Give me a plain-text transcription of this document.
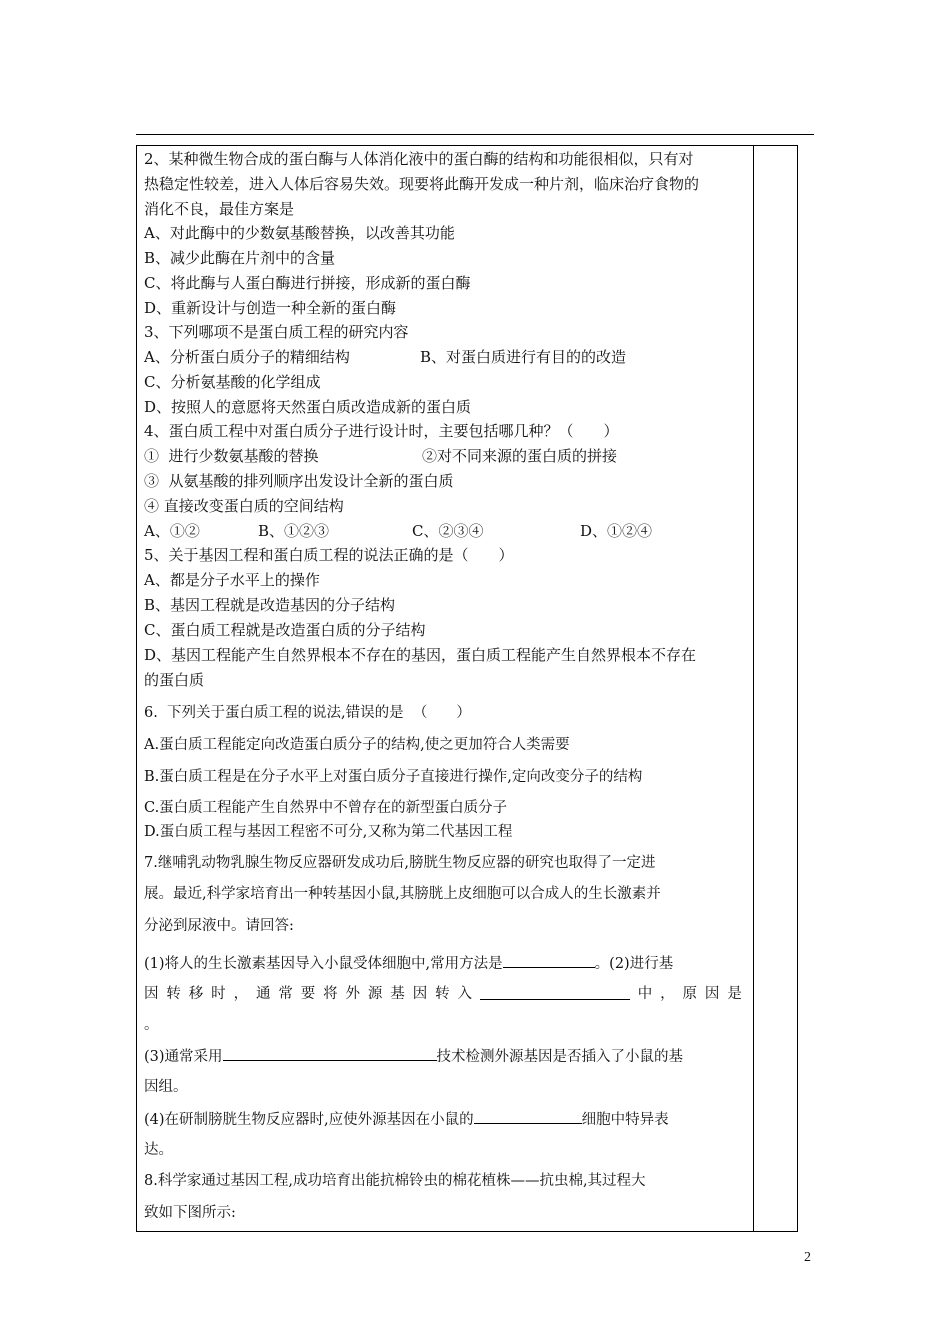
2、某种微生物合成的蛋白酶与人体消化液中的蛋白酶的结构和功能很相似，只有对
热稳定性较差，进入人体后容易失效。现要将此酶开发成一种片剂，临床治疗食物的
消化不良，最佳方案是
A、对此酶中的少数氨基酸替换，以改善其功能
B、减少此酶在片剂中的含量
C、将此酶与人蛋白酶进行拼接，形成新的蛋白酶
D、重新设计与创造一种全新的蛋白酶
3、下列哪项不是蛋白质工程的研究内容
A、分析蛋白质分子的精细结构	B、对蛋白质进行有目的的改造
C、分析氨基酸的化学组成
D、按照人的意愿将天然蛋白质改造成新的蛋白质
4、蛋白质工程中对蛋白质分子进行设计时，主要包括哪几种？（　　）
①  进行少数氨基酸的替换	②对不同来源的蛋白质的拼接
③  从氨基酸的排列顺序出发设计全新的蛋白质
④ 直接改变蛋白质的空间结构
A、①②	B、①②③	C、②③④	D、①②④
5、关于基因工程和蛋白质工程的说法正确的是（　　）
A、都是分子水平上的操作
B、基因工程就是改造基因的分子结构
C、蛋白质工程就是改造蛋白质的分子结构
D、基因工程能产生自然界根本不存在的基因，蛋白质工程能产生自然界根本不存在
的蛋白质
6.  下列关于蛋白质工程的说法,错误的是  （　　）
A.蛋白质工程能定向改造蛋白质分子的结构,使之更加符合人类需要
B.蛋白质工程是在分子水平上对蛋白质分子直接进行操作,定向改变分子的结构
C.蛋白质工程能产生自然界中不曾存在的新型蛋白质分子
D.蛋白质工程与基因工程密不可分,又称为第二代基因工程
7.继哺乳动物乳腺生物反应器研发成功后,膀胱生物反应器的研究也取得了一定进
展。最近,科学家培育出一种转基因小鼠,其膀胱上皮细胞可以合成人的生长激素并
分泌到尿液中。请回答:
(1)将人的生长激素基因导入小鼠受体细胞中,常用方法是	。(2)进行基
因 转 移 时 ， 通 常 要 将 外 源 基 因 转 入	中 ， 原 因 是
。
(3)通常采用	技术检测外源基因是否插入了小鼠的基
因组。
(4)在研制膀胱生物反应器时,应使外源基因在小鼠的	细胞中特异表
达。
8.科学家通过基因工程,成功培育出能抗棉铃虫的棉花植株——抗虫棉,其过程大
致如下图所示:
2
